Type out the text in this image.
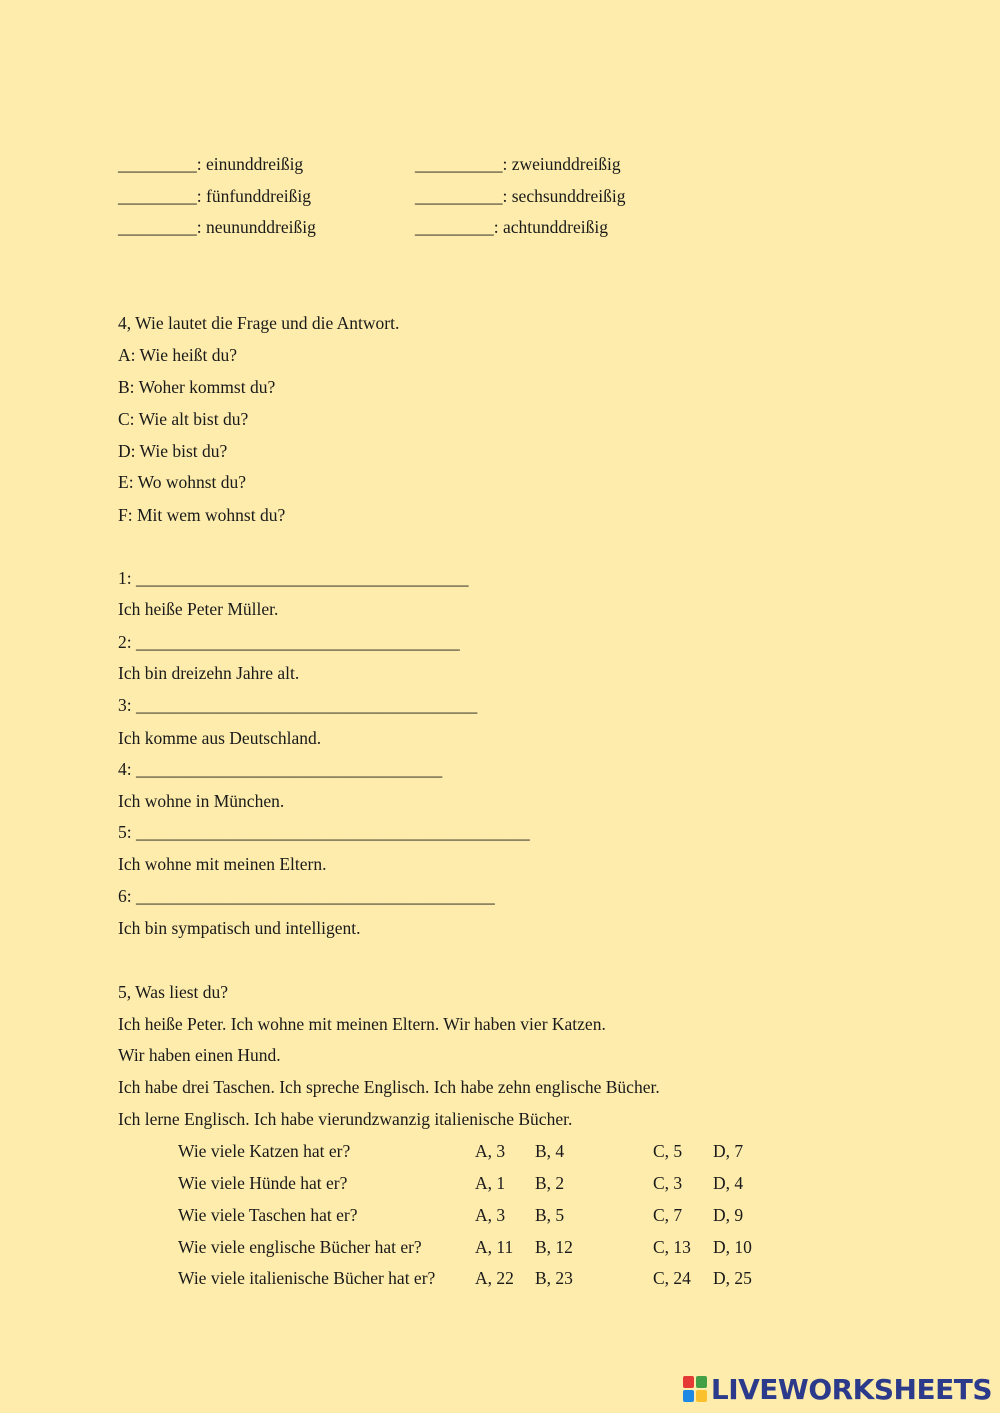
_________: einunddreißig	__________: zweiunddreißig
_________: fünfunddreißig	__________: sechsunddreißig
_________: neununddreißig	_________: achtunddreißig
4, Wie lautet die Frage und die Antwort.
A: Wie heißt du?
B: Woher kommst du?
C: Wie alt bist du?
D: Wie bist du?
E: Wo wohnst du?
F: Mit wem wohnst du?
1: ______________________________________
Ich heiße Peter Müller.
2: _____________________________________
Ich bin dreizehn Jahre alt.
3: _______________________________________
Ich komme aus Deutschland.
4: ___________________________________
Ich wohne in München.
5: _____________________________________________
Ich wohne mit meinen Eltern.
6: _________________________________________
Ich bin sympatisch und intelligent.
5, Was liest du?
Ich heiße Peter. Ich wohne mit meinen Eltern. Wir haben vier Katzen.
Wir haben einen Hund.
Ich habe drei Taschen. Ich spreche Englisch. Ich habe zehn englische Bücher.
Ich lerne Englisch. Ich habe vierundzwanzig italienische Bücher.
Wie viele Katzen hat er?	A, 3 B, 4	C, 5 D, 7
Wie viele Hünde hat er?	A, 1 B, 2	C, 3 D, 4
Wie viele Taschen hat er?	A, 3 B, 5	C, 7 D, 9
Wie viele englische Bücher hat er?	A, 11 B, 12	C, 13 D, 10
Wie viele italienische Bücher hat er? A, 22 B, 23	C, 24 D, 25
LIVEWORKSHEETS
